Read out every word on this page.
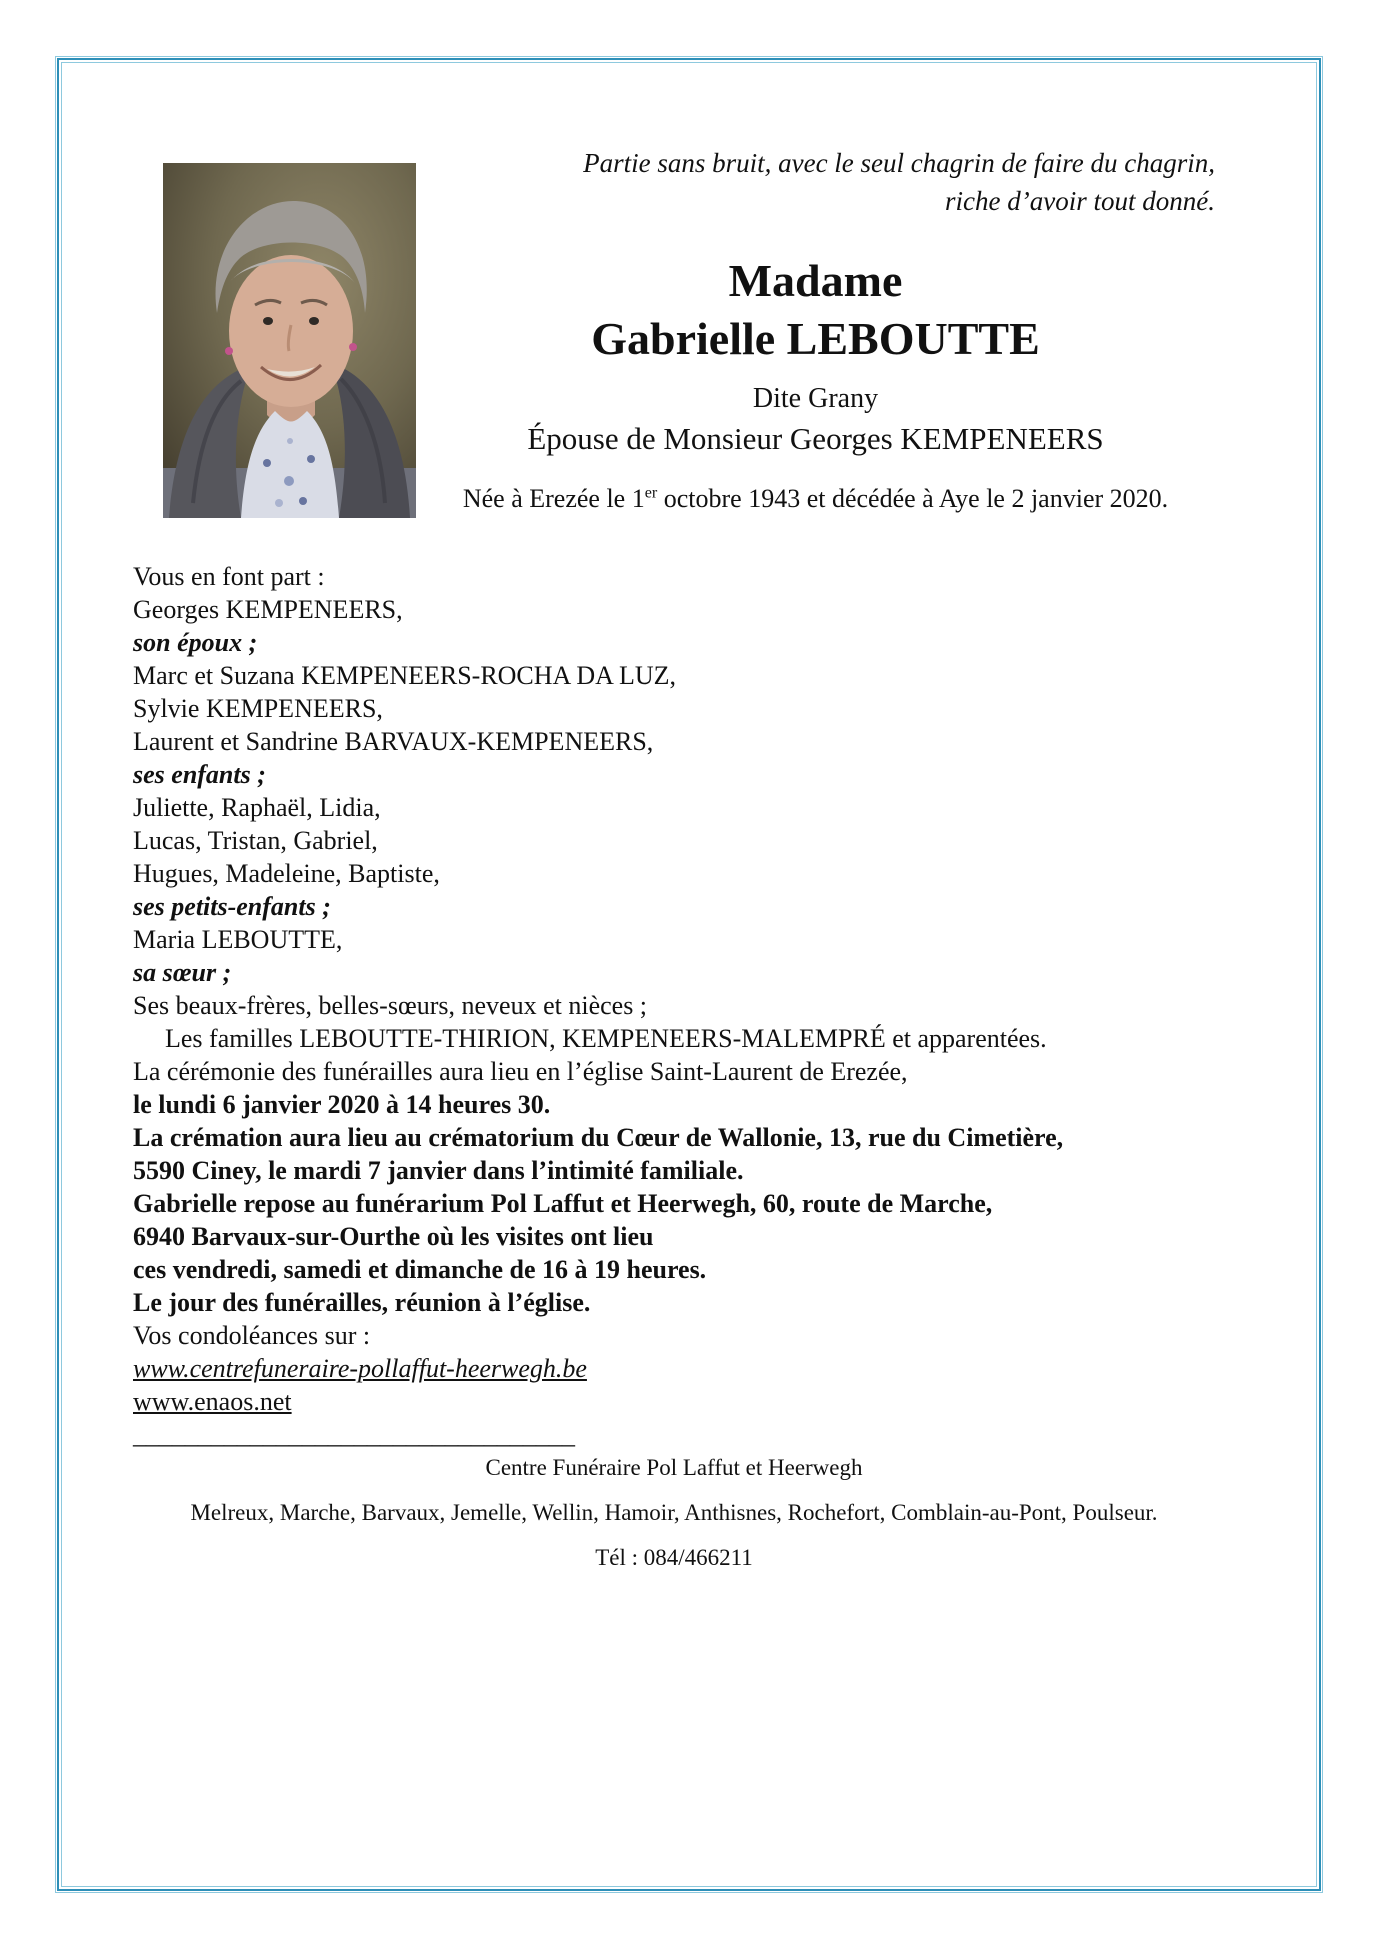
Partie sans bruit, avec le seul chagrin de faire du chagrin,
riche d’avoir tout donné.

Madame

Gabrielle LEBOUTTE

Dite Grany

Épouse de Monsieur Georges KEMPENEERS

Née à Erezée le 1er octobre 1943 et décédée à Aye le 2 janvier 2020.

Vous en font part :

Georges KEMPENEERS,

son époux ;

Marc et Suzana KEMPENEERS-ROCHA DA LUZ,

Sylvie KEMPENEERS,

Laurent et Sandrine BARVAUX-KEMPENEERS,

ses enfants ;

Juliette, Raphaël, Lidia,

Lucas, Tristan, Gabriel,

Hugues, Madeleine, Baptiste,

ses petits-enfants ;

Maria LEBOUTTE,

sa sœur ;

Ses beaux-frères, belles-sœurs, neveux et nièces ;

Les familles LEBOUTTE-THIRION, KEMPENEERS-MALEMPRÉ et apparentées.

La cérémonie des funérailles aura lieu en l’église Saint-Laurent de Erezée,

le lundi 6 janvier 2020 à 14 heures 30.

La crémation aura lieu au crématorium du Cœur de Wallonie, 13, rue du Cimetière,

5590 Ciney, le mardi 7 janvier dans l’intimité familiale.

Gabrielle repose au funérarium Pol Laffut et Heerwegh, 60, route de Marche,

6940 Barvaux-sur-Ourthe où les visites ont lieu

ces vendredi, samedi et dimanche de 16 à 19 heures.

Le jour des funérailles, réunion à l’église.

Vos condoléances sur :

www.centrefuneraire-pollaffut-heerwegh.be

www.enaos.net

__________________________________

Centre Funéraire Pol Laffut et Heerwegh

Melreux, Marche, Barvaux, Jemelle, Wellin, Hamoir, Anthisnes, Rochefort, Comblain-au-Pont, Poulseur.

Tél : 084/466211
